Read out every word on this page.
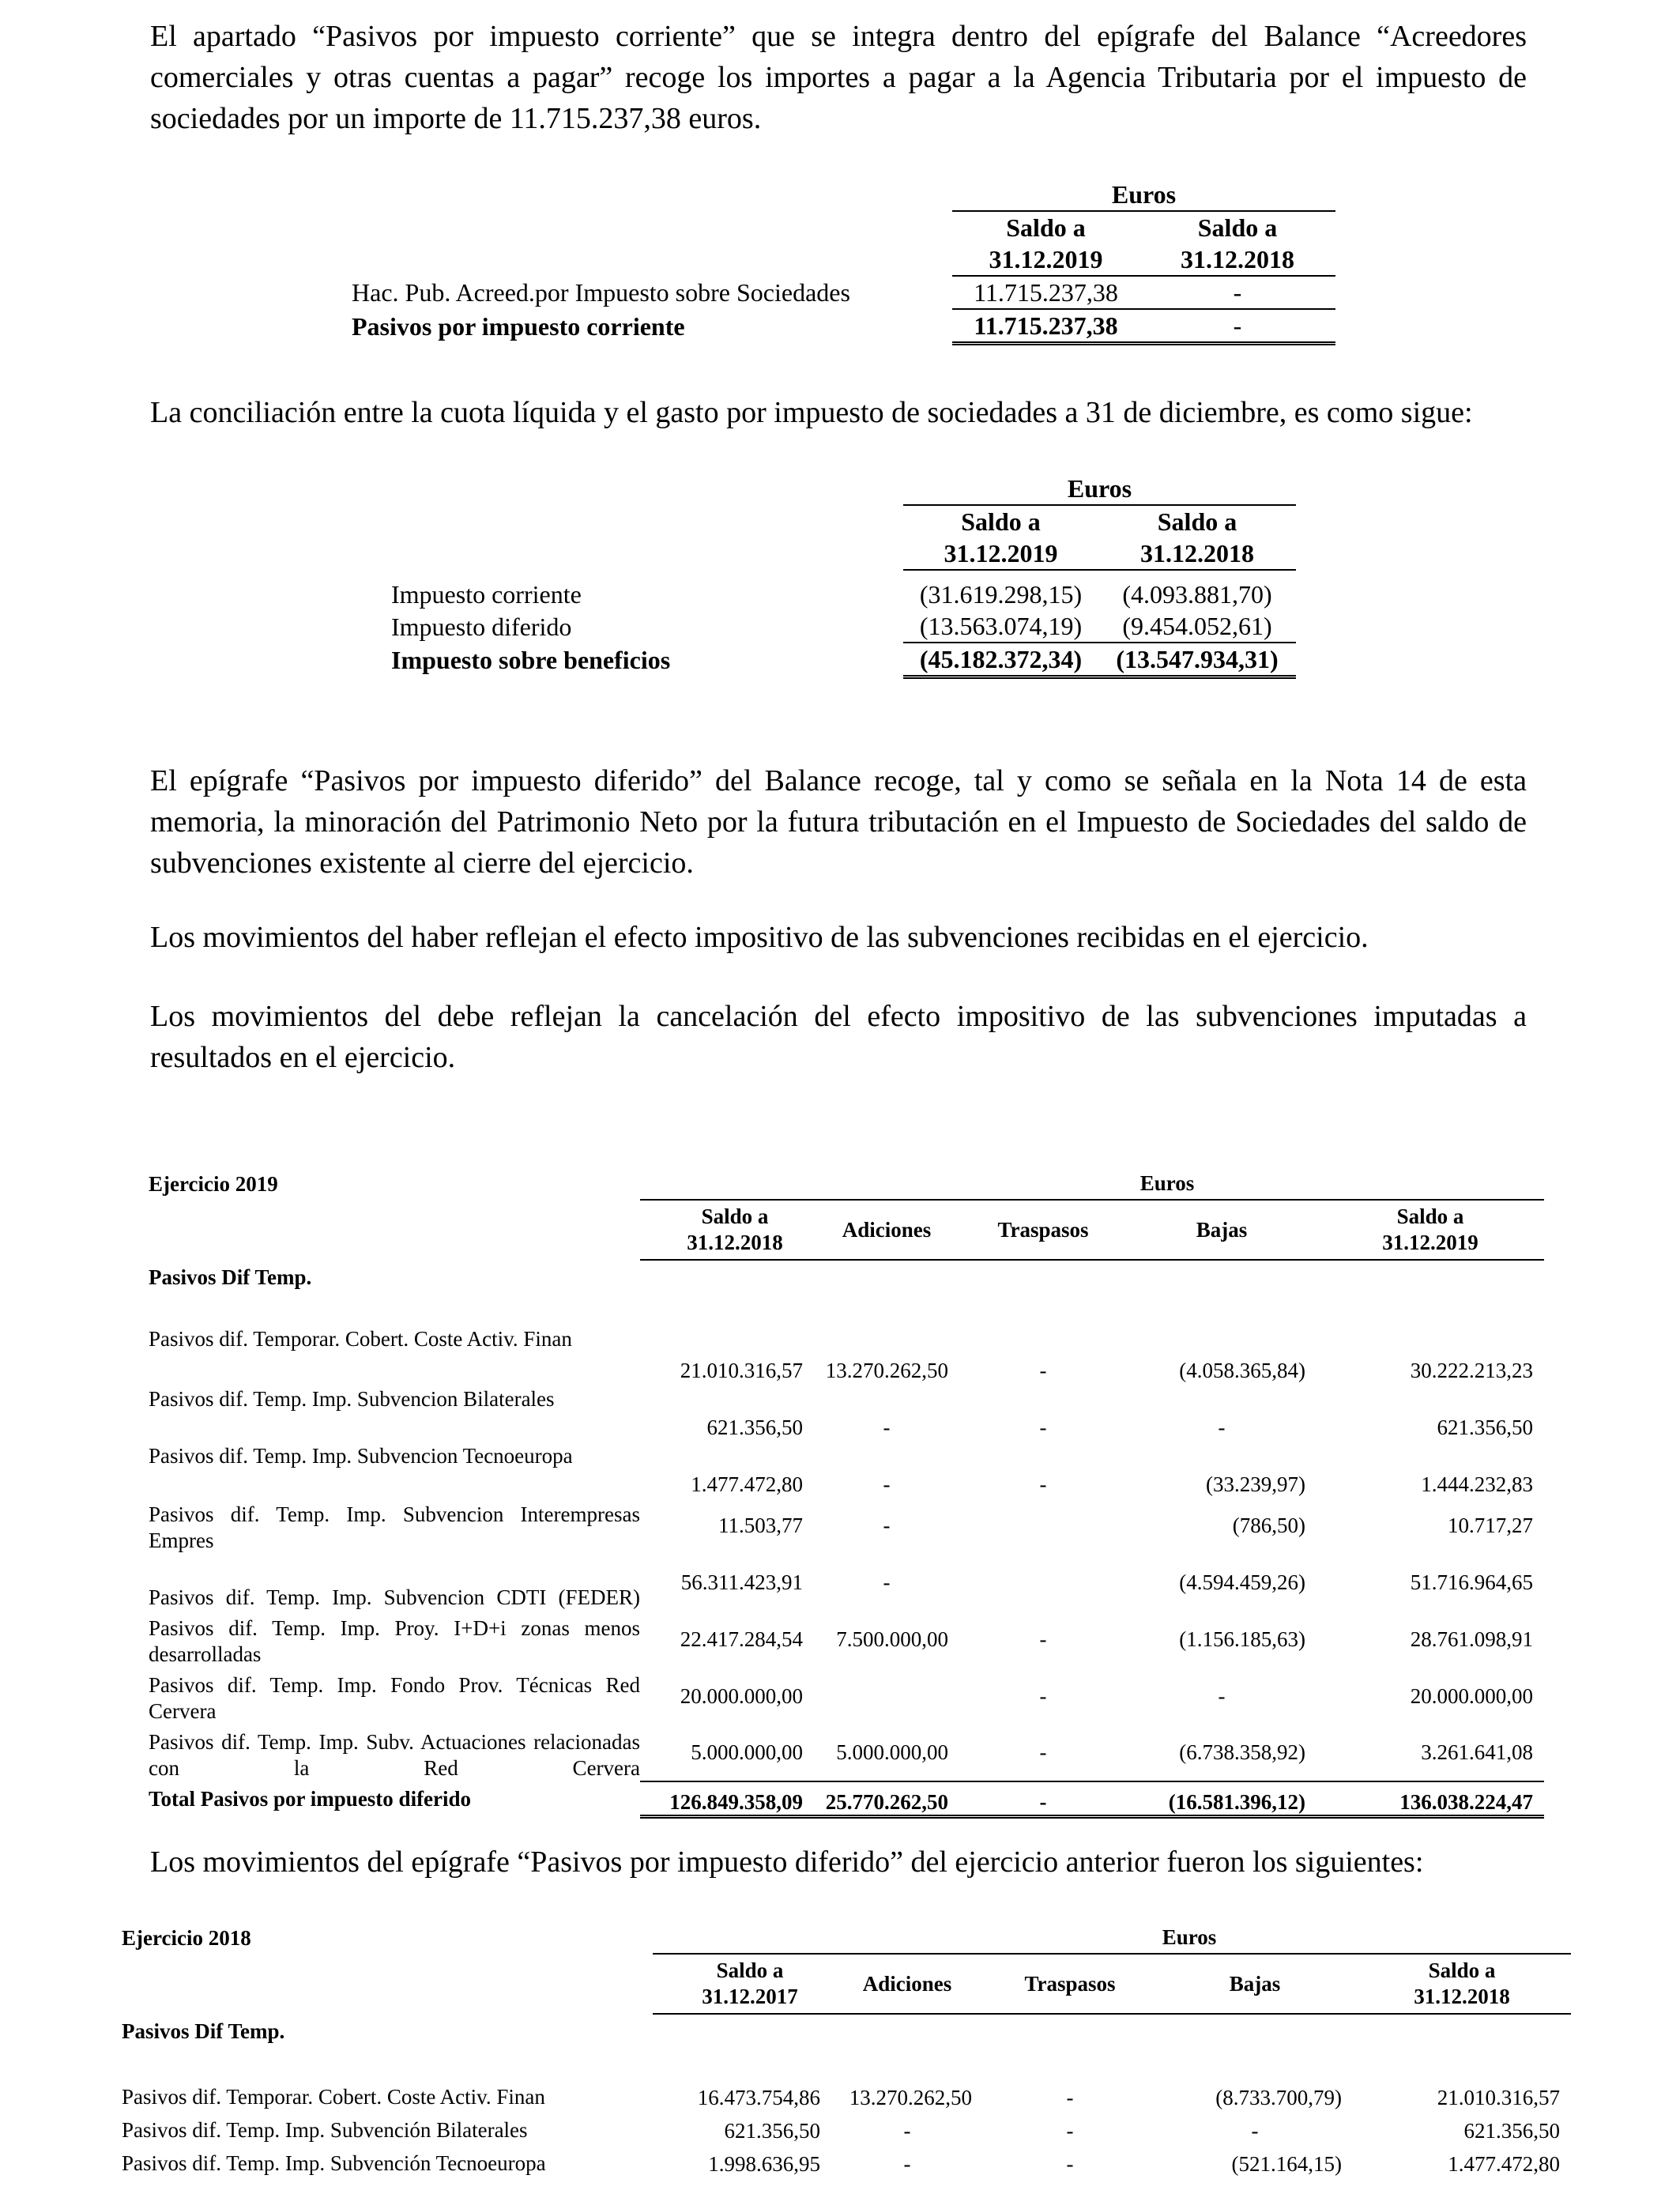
El apartado “Pasivos por impuesto corriente” que se integra dentro del epígrafe del Balance “Acreedores comerciales y otras cuentas a pagar” recoge los importes a pagar a la Agencia Tributaria por el impuesto de sociedades por un importe de 11.715.237,38 euros.

	Euros	
	Saldo a	Saldo a
	31.12.2019	31.12.2018
Hac. Pub. Acreed.por Impuesto sobre Sociedades	11.715.237,38	-
Pasivos por impuesto corriente	11.715.237,38	-

La conciliación entre la cuota líquida y el gasto por impuesto de sociedades a 31 de diciembre, es como sigue:

	Euros	
	Saldo a	Saldo a
	31.12.2019	31.12.2018

Impuesto corriente	(31.619.298,15)	(4.093.881,70)
Impuesto diferido	(13.563.074,19)	(9.454.052,61)
Impuesto sobre beneficios	(45.182.372,34)	(13.547.934,31)

El epígrafe “Pasivos por impuesto diferido” del Balance recoge, tal y como se señala en la Nota 14 de esta memoria, la minoración del Patrimonio Neto por la futura tributación en el Impuesto de Sociedades del saldo de subvenciones existente al cierre del ejercicio.

Los movimientos del haber reflejan el efecto impositivo de las subvenciones recibidas en el ejercicio.

Los movimientos del debe reflejan la cancelación del efecto impositivo de las subvenciones imputadas a resultados en el ejercicio.

Ejercicio 2019		Euros				
	Saldo a
31.12.2018		Adiciones	Traspasos	Bajas	Saldo a
31.12.2019
Pasivos Dif Temp.						

Pasivos dif. Temporar. Cobert. Coste Activ. Finan	21.010.316,57		13.270.262,50	-	(4.058.365,84)	30.222.213,23
Pasivos dif. Temp. Imp. Subvencion Bilaterales	621.356,50		-	-	-	621.356,50
Pasivos dif. Temp. Imp. Subvencion Tecnoeuropa	1.477.472,80		-	-	(33.239,97)	1.444.232,83
Pasivos dif. Temp. Imp. Subvencion Interempresas Empres	11.503,77		-		(786,50)	10.717,27
Pasivos dif. Temp. Imp. Subvencion CDTI (FEDER)	56.311.423,91		-		(4.594.459,26)	51.716.964,65
Pasivos dif. Temp. Imp. Proy. I+D+i zonas menos desarrolladas	22.417.284,54		7.500.000,00	-	(1.156.185,63)	28.761.098,91
Pasivos dif. Temp. Imp. Fondo Prov. Técnicas Red Cervera	20.000.000,00			-	-	20.000.000,00
Pasivos dif. Temp. Imp. Subv. Actuaciones relacionadas con la Red Cervera	5.000.000,00		5.000.000,00	-	(6.738.358,92)	3.261.641,08
Total Pasivos por impuesto diferido	126.849.358,09		25.770.262,50	-	(16.581.396,12)	136.038.224,47

Los movimientos del epígrafe “Pasivos por impuesto diferido” del ejercicio anterior fueron los siguientes:

Ejercicio 2018		Euros				
	Saldo a
31.12.2017		Adiciones	Traspasos	Bajas	Saldo a
31.12.2018
Pasivos Dif Temp.						

Pasivos dif. Temporar. Cobert. Coste Activ. Finan	16.473.754,86		13.270.262,50	-	(8.733.700,79)	21.010.316,57
Pasivos dif. Temp. Imp. Subvención Bilaterales	621.356,50		-	-	-	621.356,50
Pasivos dif. Temp. Imp. Subvención Tecnoeuropa	1.998.636,95		-	-	(521.164,15)	1.477.472,80
